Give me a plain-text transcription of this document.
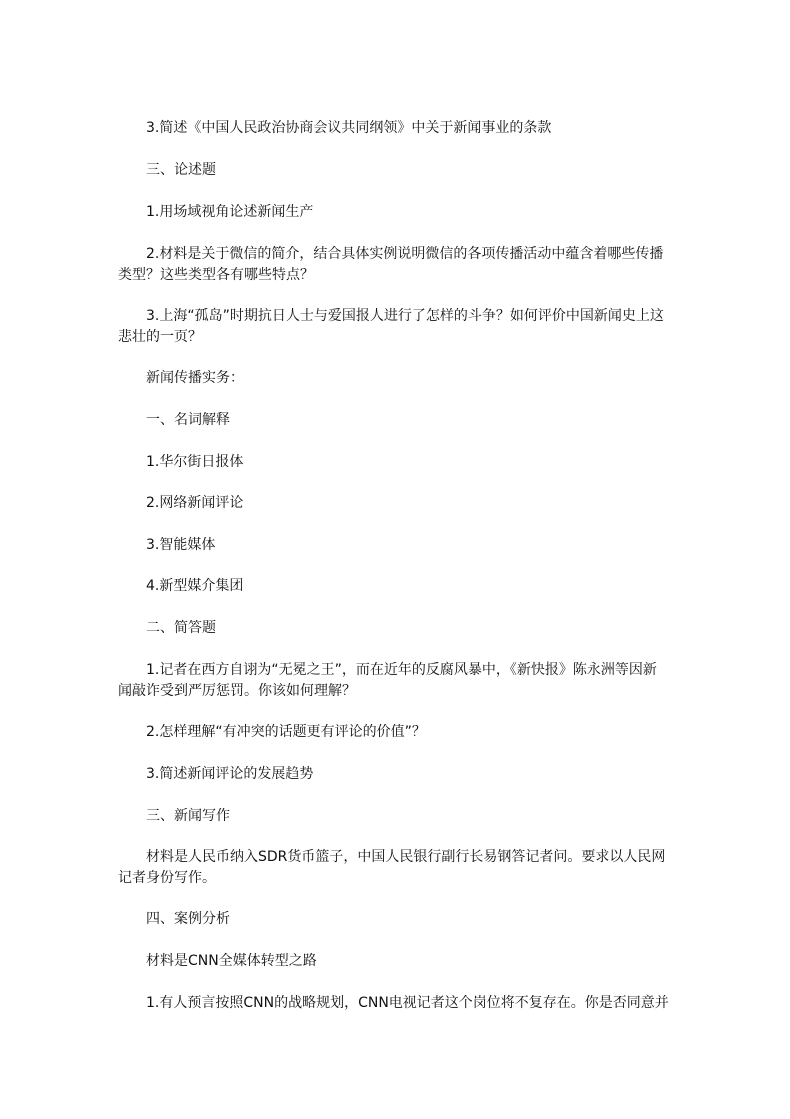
3.简述《中国人民政治协商会议共同纲领》中关于新闻事业的条款

三、论述题

1.用场域视角论述新闻生产

2.材料是关于微信的简介，结合具体实例说明微信的各项传播活动中蕴含着哪些传播类型？这些类型各有哪些特点？

3.上海“孤岛”时期抗日人士与爱国报人进行了怎样的斗争？如何评价中国新闻史上这悲壮的一页？

新闻传播实务：

一、名词解释

1.华尔街日报体

2.网络新闻评论

3.智能媒体

4.新型媒介集团

二、简答题

1.记者在西方自诩为“无冕之王”，而在近年的反腐风暴中，《新快报》陈永洲等因新闻敲诈受到严厉惩罚。你该如何理解？

2.怎样理解“有冲突的话题更有评论的价值”？

3.简述新闻评论的发展趋势

三、新闻写作

材料是人民币纳入SDR货币篮子，中国人民银行副行长易钢答记者问。要求以人民网记者身份写作。

四、案例分析

材料是CNN全媒体转型之路

1.有人预言按照CNN的战略规划，CNN电视记者这个岗位将不复存在。你是否同意并
